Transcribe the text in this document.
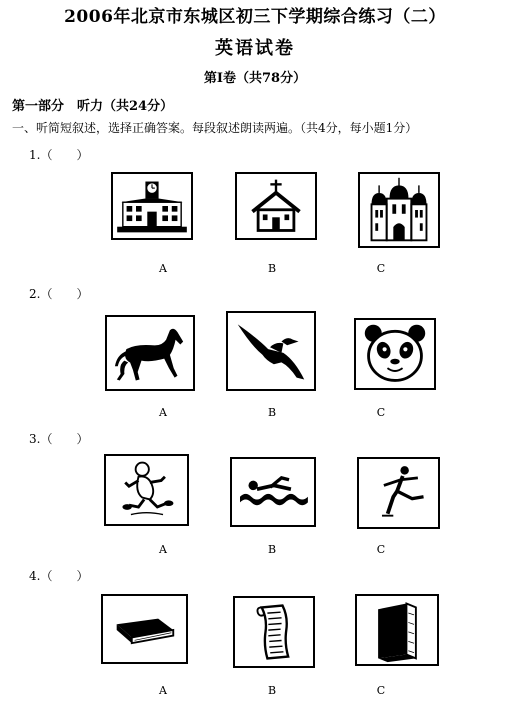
2006年北京市东城区初三下学期综合练习（二）
英语试卷
第Ⅰ卷（共78分）
第一部分　听力（共24分）
一、听简短叙述，选择正确答案。每段叙述朗读两遍。（共4分，每小题1分）
1.（　　）
A	B	C
2.（　　）
A	B	C
3.（　　）
A	B	C
4.（　　）
A	B	C
